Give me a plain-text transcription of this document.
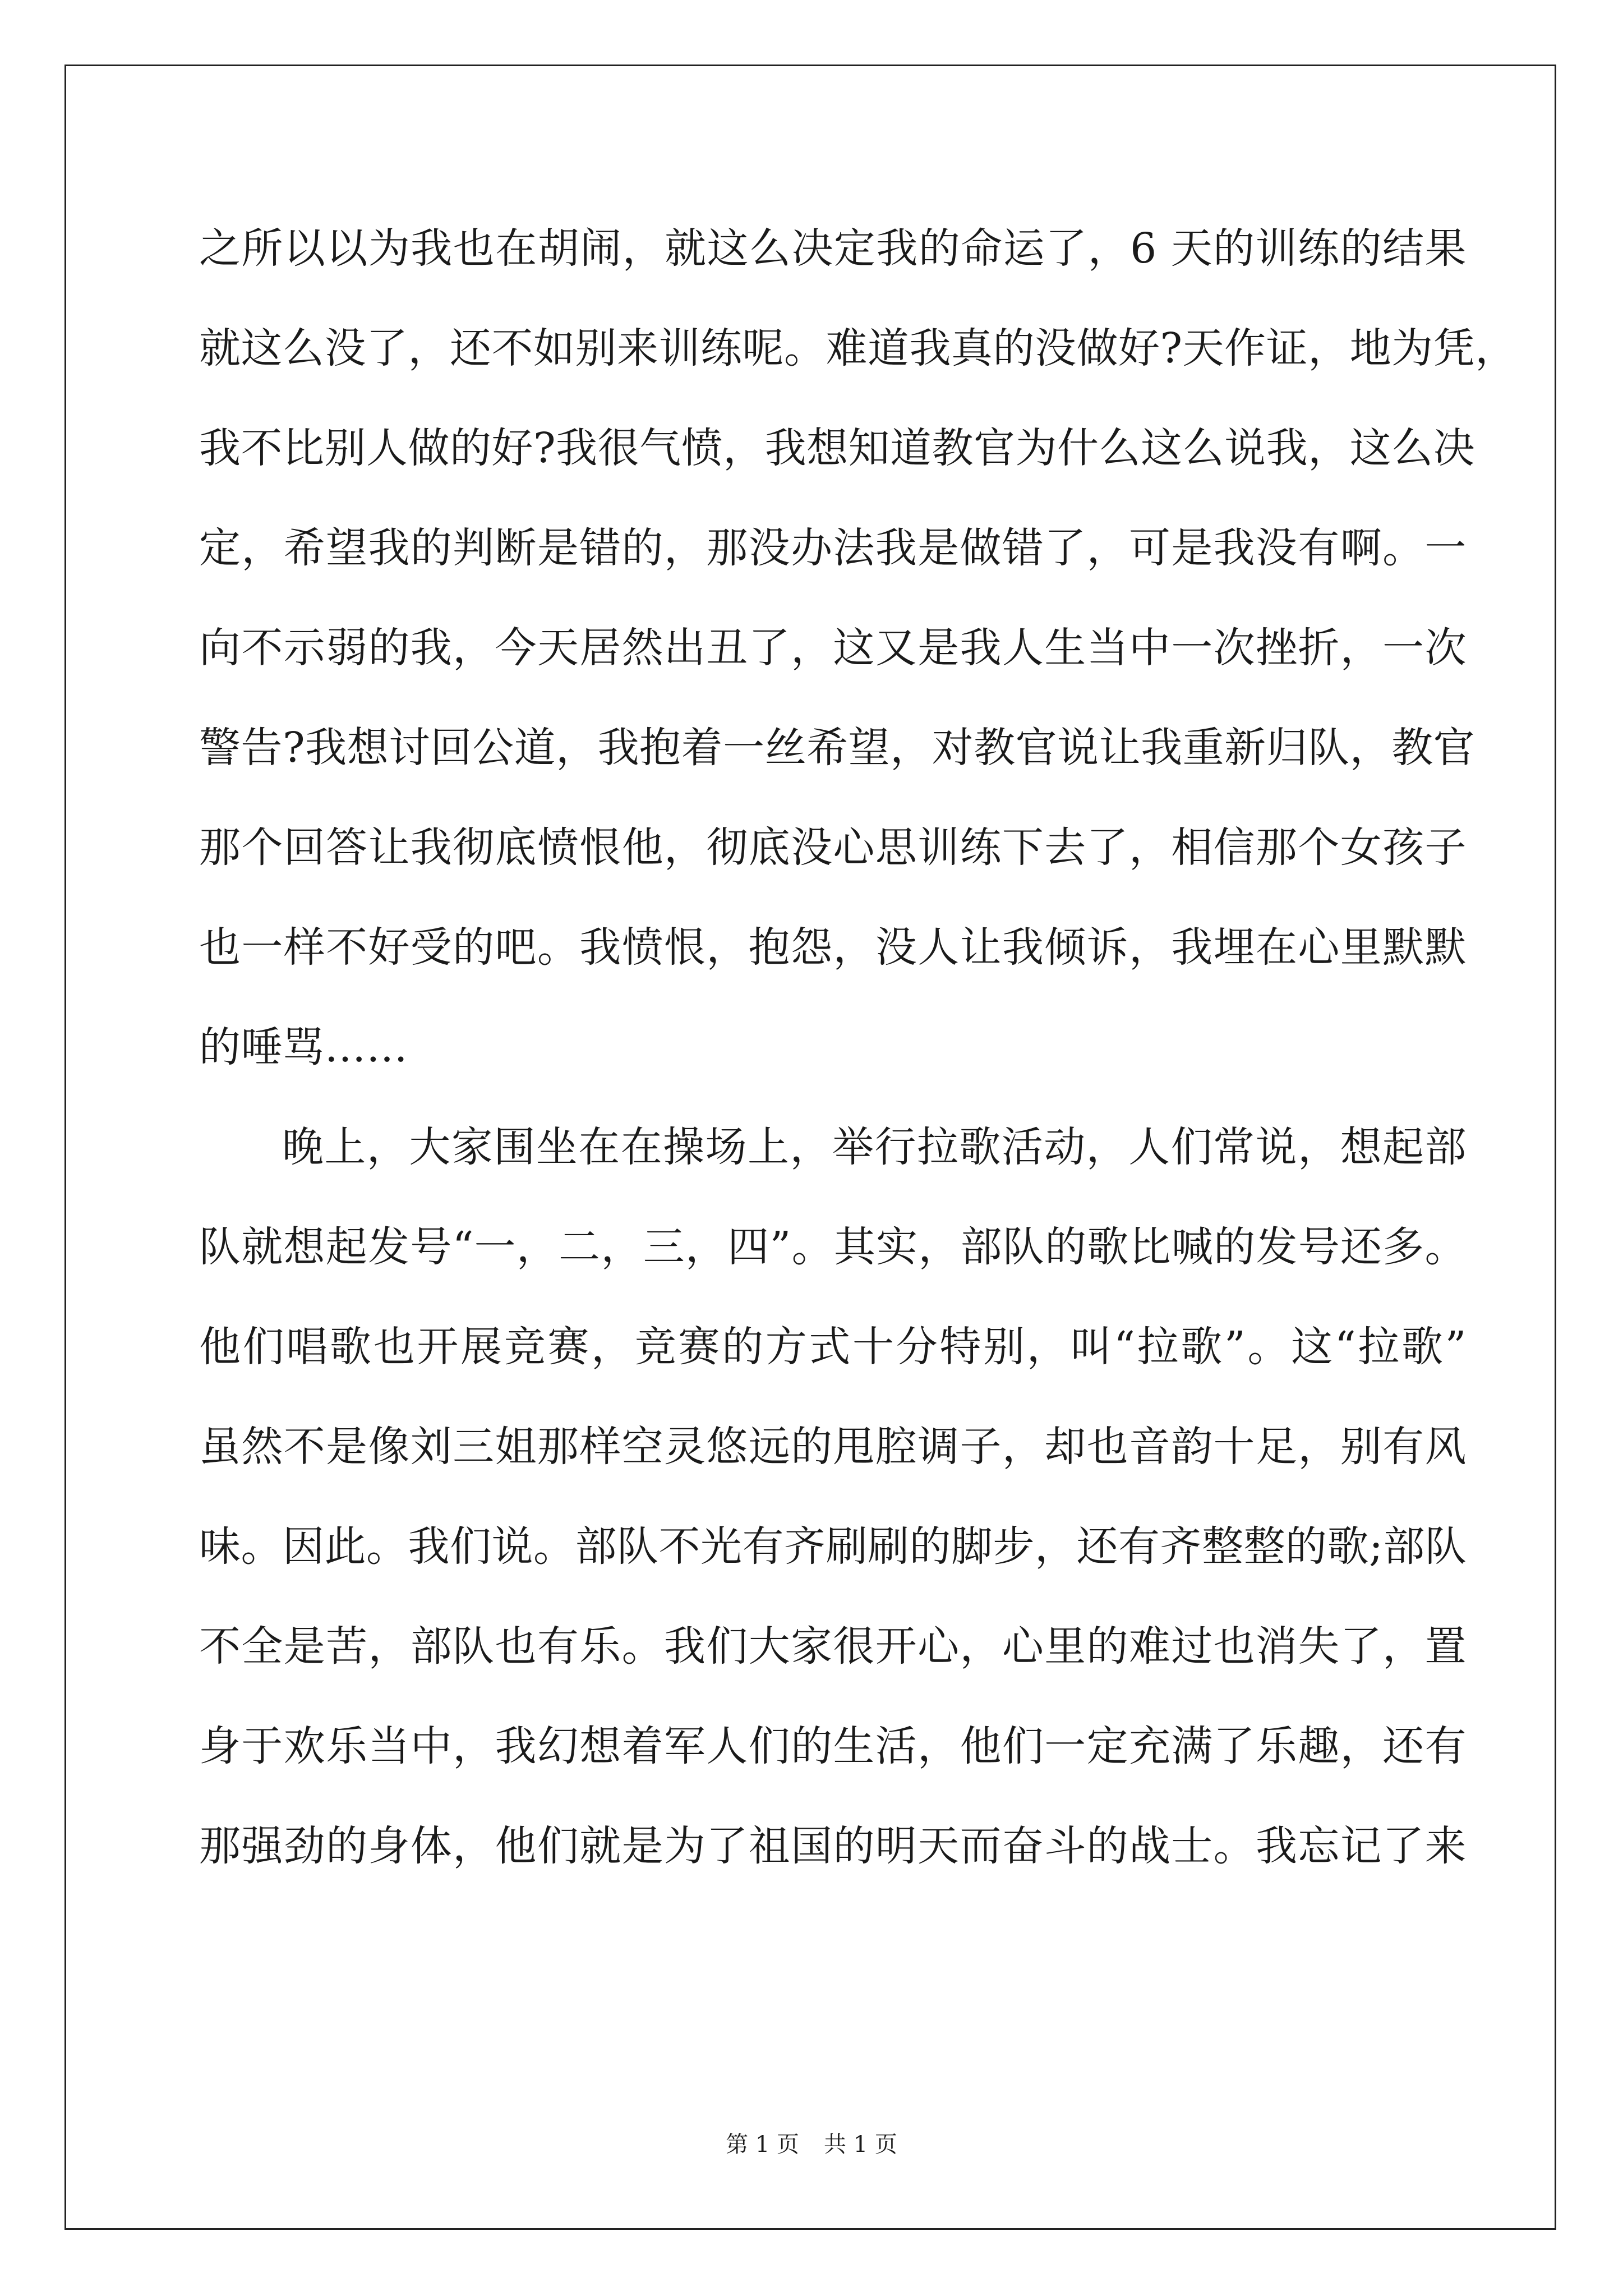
之所以以为我也在胡闹，就这么决定我的命运了，6 天的训练的结果
就这么没了，还不如别来训练呢。难道我真的没做好?天作证，地为凭，
我不比别人做的好?我很气愤，我想知道教官为什么这么说我，这么决
定，希望我的判断是错的，那没办法我是做错了，可是我没有啊。一
向不示弱的我，今天居然出丑了，这又是我人生当中一次挫折，一次
警告?我想讨回公道，我抱着一丝希望，对教官说让我重新归队，教官
那个回答让我彻底愤恨他，彻底没心思训练下去了，相信那个女孩子
也一样不好受的吧。我愤恨，抱怨，没人让我倾诉，我埋在心里默默
的唾骂……
晚上，大家围坐在在操场上，举行拉歌活动，人们常说，想起部
队就想起发号“一，二，三，四”。其实，部队的歌比喊的发号还多。
他们唱歌也开展竞赛，竞赛的方式十分特别，叫“拉歌”。这“拉歌”
虽然不是像刘三姐那样空灵悠远的甩腔调子，却也音韵十足，别有风
味。因此。我们说。部队不光有齐刷刷的脚步，还有齐整整的歌;部队
不全是苦，部队也有乐。我们大家很开心，心里的难过也消失了，置
身于欢乐当中，我幻想着军人们的生活，他们一定充满了乐趣，还有
那强劲的身体，他们就是为了祖国的明天而奋斗的战士。我忘记了来
第 1 页 共 1 页
